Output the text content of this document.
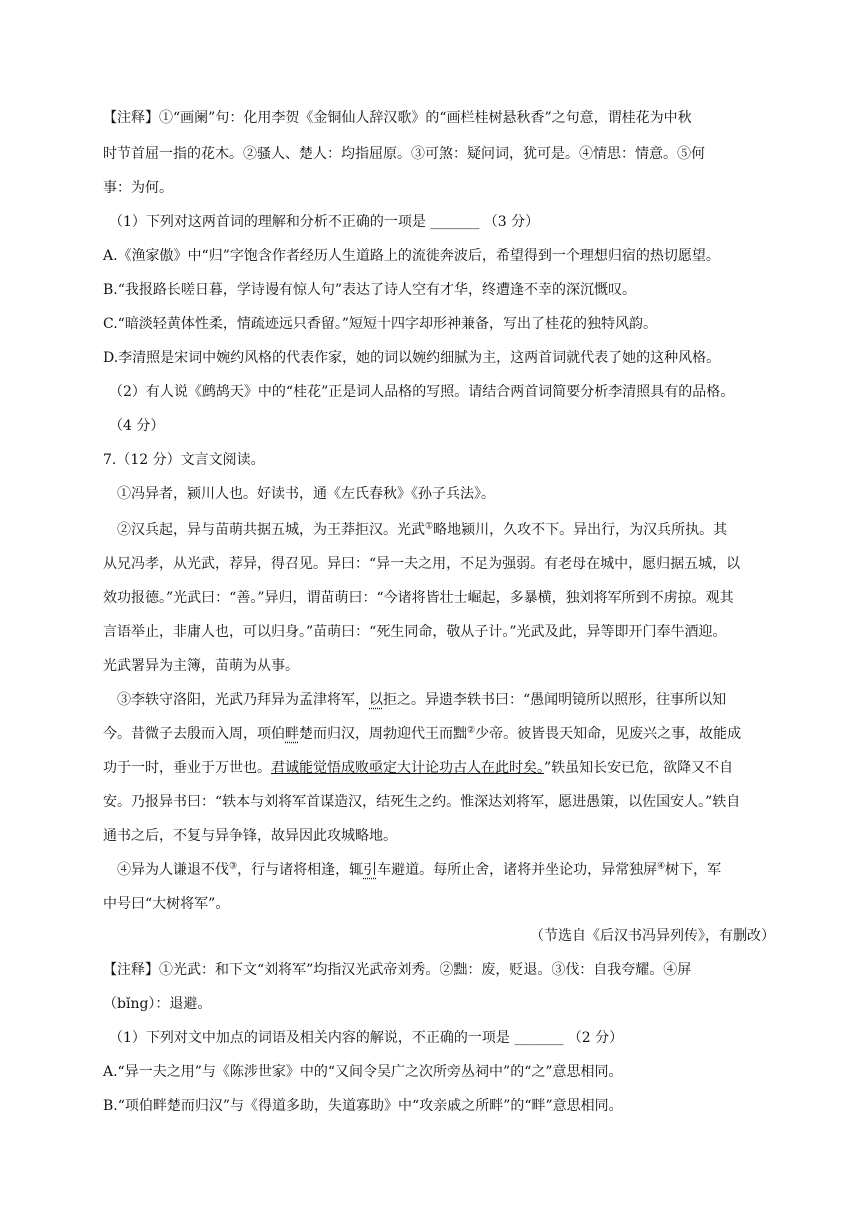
【注释】①“画阑”句：化用李贺《金铜仙人辞汉歌》的“画栏桂树悬秋香”之句意，谓桂花为中秋
时节首屈一指的花木。②骚人、楚人：均指屈原。③可煞：疑问词，犹可是。④情思：情意。⑤何
事：为何。
（1）下列对这两首词的理解和分析不正确的一项是 _______ （3 分）
A.《渔家傲》中“归”字饱含作者经历人生道路上的流徙奔波后，希望得到一个理想归宿的热切愿望。
B.“我报路长嗟日暮，学诗谩有惊人句”表达了诗人空有才华，终遭逢不幸的深沉慨叹。
C.“暗淡轻黄体性柔，情疏迹远只香留。”短短十四字却形神兼备，写出了桂花的独特风韵。
D.李清照是宋词中婉约风格的代表作家，她的词以婉约细腻为主，这两首词就代表了她的这种风格。
（2）有人说《鹧鸪天》中的“桂花”正是词人品格的写照。请结合两首词简要分析李清照具有的品格。
（4 分）
7.（12 分）文言文阅读。
①冯异者，颍川人也。好读书，通《左氏春秋》《孙子兵法》。
②汉兵起，异与苗萌共据五城，为王莽拒汉。光武①略地颍川，久攻不下。异出行，为汉兵所执。其
从兄冯孝，从光武，荐异，得召见。异曰：“异一夫之用，不足为强弱。有老母在城中，愿归据五城，以
效功报德。”光武曰：“善。”异归，谓苗萌曰：“今诸将皆壮士崛起，多暴横，独刘将军所到不虏掠。观其
言语举止，非庸人也，可以归身。”苗萌曰：“死生同命，敬从子计。”光武及此，异等即开门奉牛酒迎。
光武署异为主簿，苗萌为从事。
③李轶守洛阳，光武乃拜异为孟津将军，以拒之。异遗李轶书曰：“愚闻明镜所以照形，往事所以知
今。昔微子去殷而入周，项伯畔楚而归汉，周勃迎代王而黜②少帝。彼皆畏天知命，见废兴之事，故能成
功于一时，垂业于万世也。君诚能觉悟成败亟定大计论功古人在此时矣。”轶虽知长安已危，欲降又不自
安。乃报异书曰：“轶本与刘将军首谋造汉，结死生之约。惟深达刘将军，愿进愚策，以佐国安人。”轶自
通书之后，不复与异争锋，故异因此攻城略地。
④异为人谦退不伐③，行与诸将相逢，辄引车避道。每所止舍，诸将并坐论功，异常独屏④树下，军
中号曰“大树将军”。
（节选自《后汉书冯异列传》，有删改）
【注释】①光武：和下文“刘将军”均指汉光武帝刘秀。②黜：废，贬退。③伐：自我夸耀。④屏
（bǐng）：退避。
（1）下列对文中加点的词语及相关内容的解说，不正确的一项是 _______ （2 分）
A.“异一夫之用”与《陈涉世家》中的“又间令吴广之次所旁丛祠中”的“之”意思相同。
B.“项伯畔楚而归汉”与《得道多助，失道寡助》中“攻亲戚之所畔”的“畔”意思相同。
